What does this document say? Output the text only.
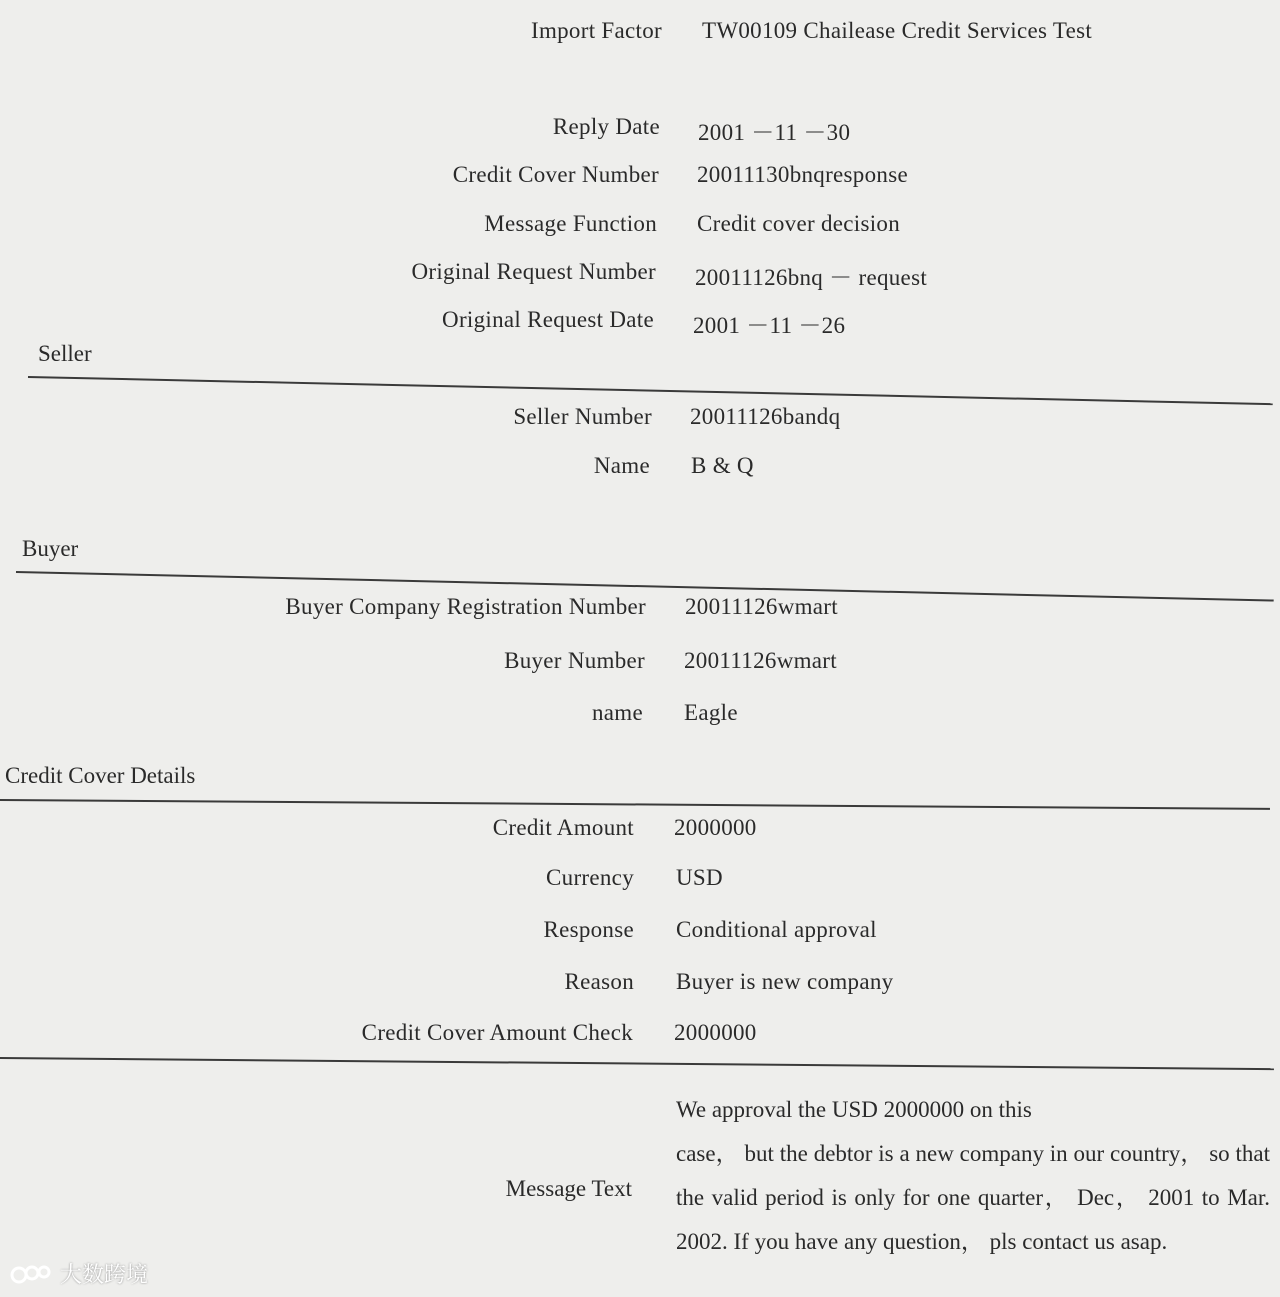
Import Factor TW00109 Chailease Credit Services Test
Reply Date 2001 －11 －30
Credit Cover Number 20011130bnqresponse
Message Function Credit cover decision
Original Request Number 20011126bnq － request
Original Request Date 2001 －11 －26
Seller
Seller Number 20011126bandq
Name B & Q
Buyer
Buyer Company Registration Number 20011126wmart
Buyer Number 20011126wmart
name Eagle
Credit Cover Details
Credit Amount 2000000
Currency USD
Response Conditional approval
Reason Buyer is new company
Credit Cover Amount Check 2000000
Message Text
We approval the USD 2000000 on this
case， but the debtor is a new company in our country， so that the valid period is only for one quarter， Dec， 2001 to Mar. 2002. If you have any question， pls contact us asap.
大数跨境
